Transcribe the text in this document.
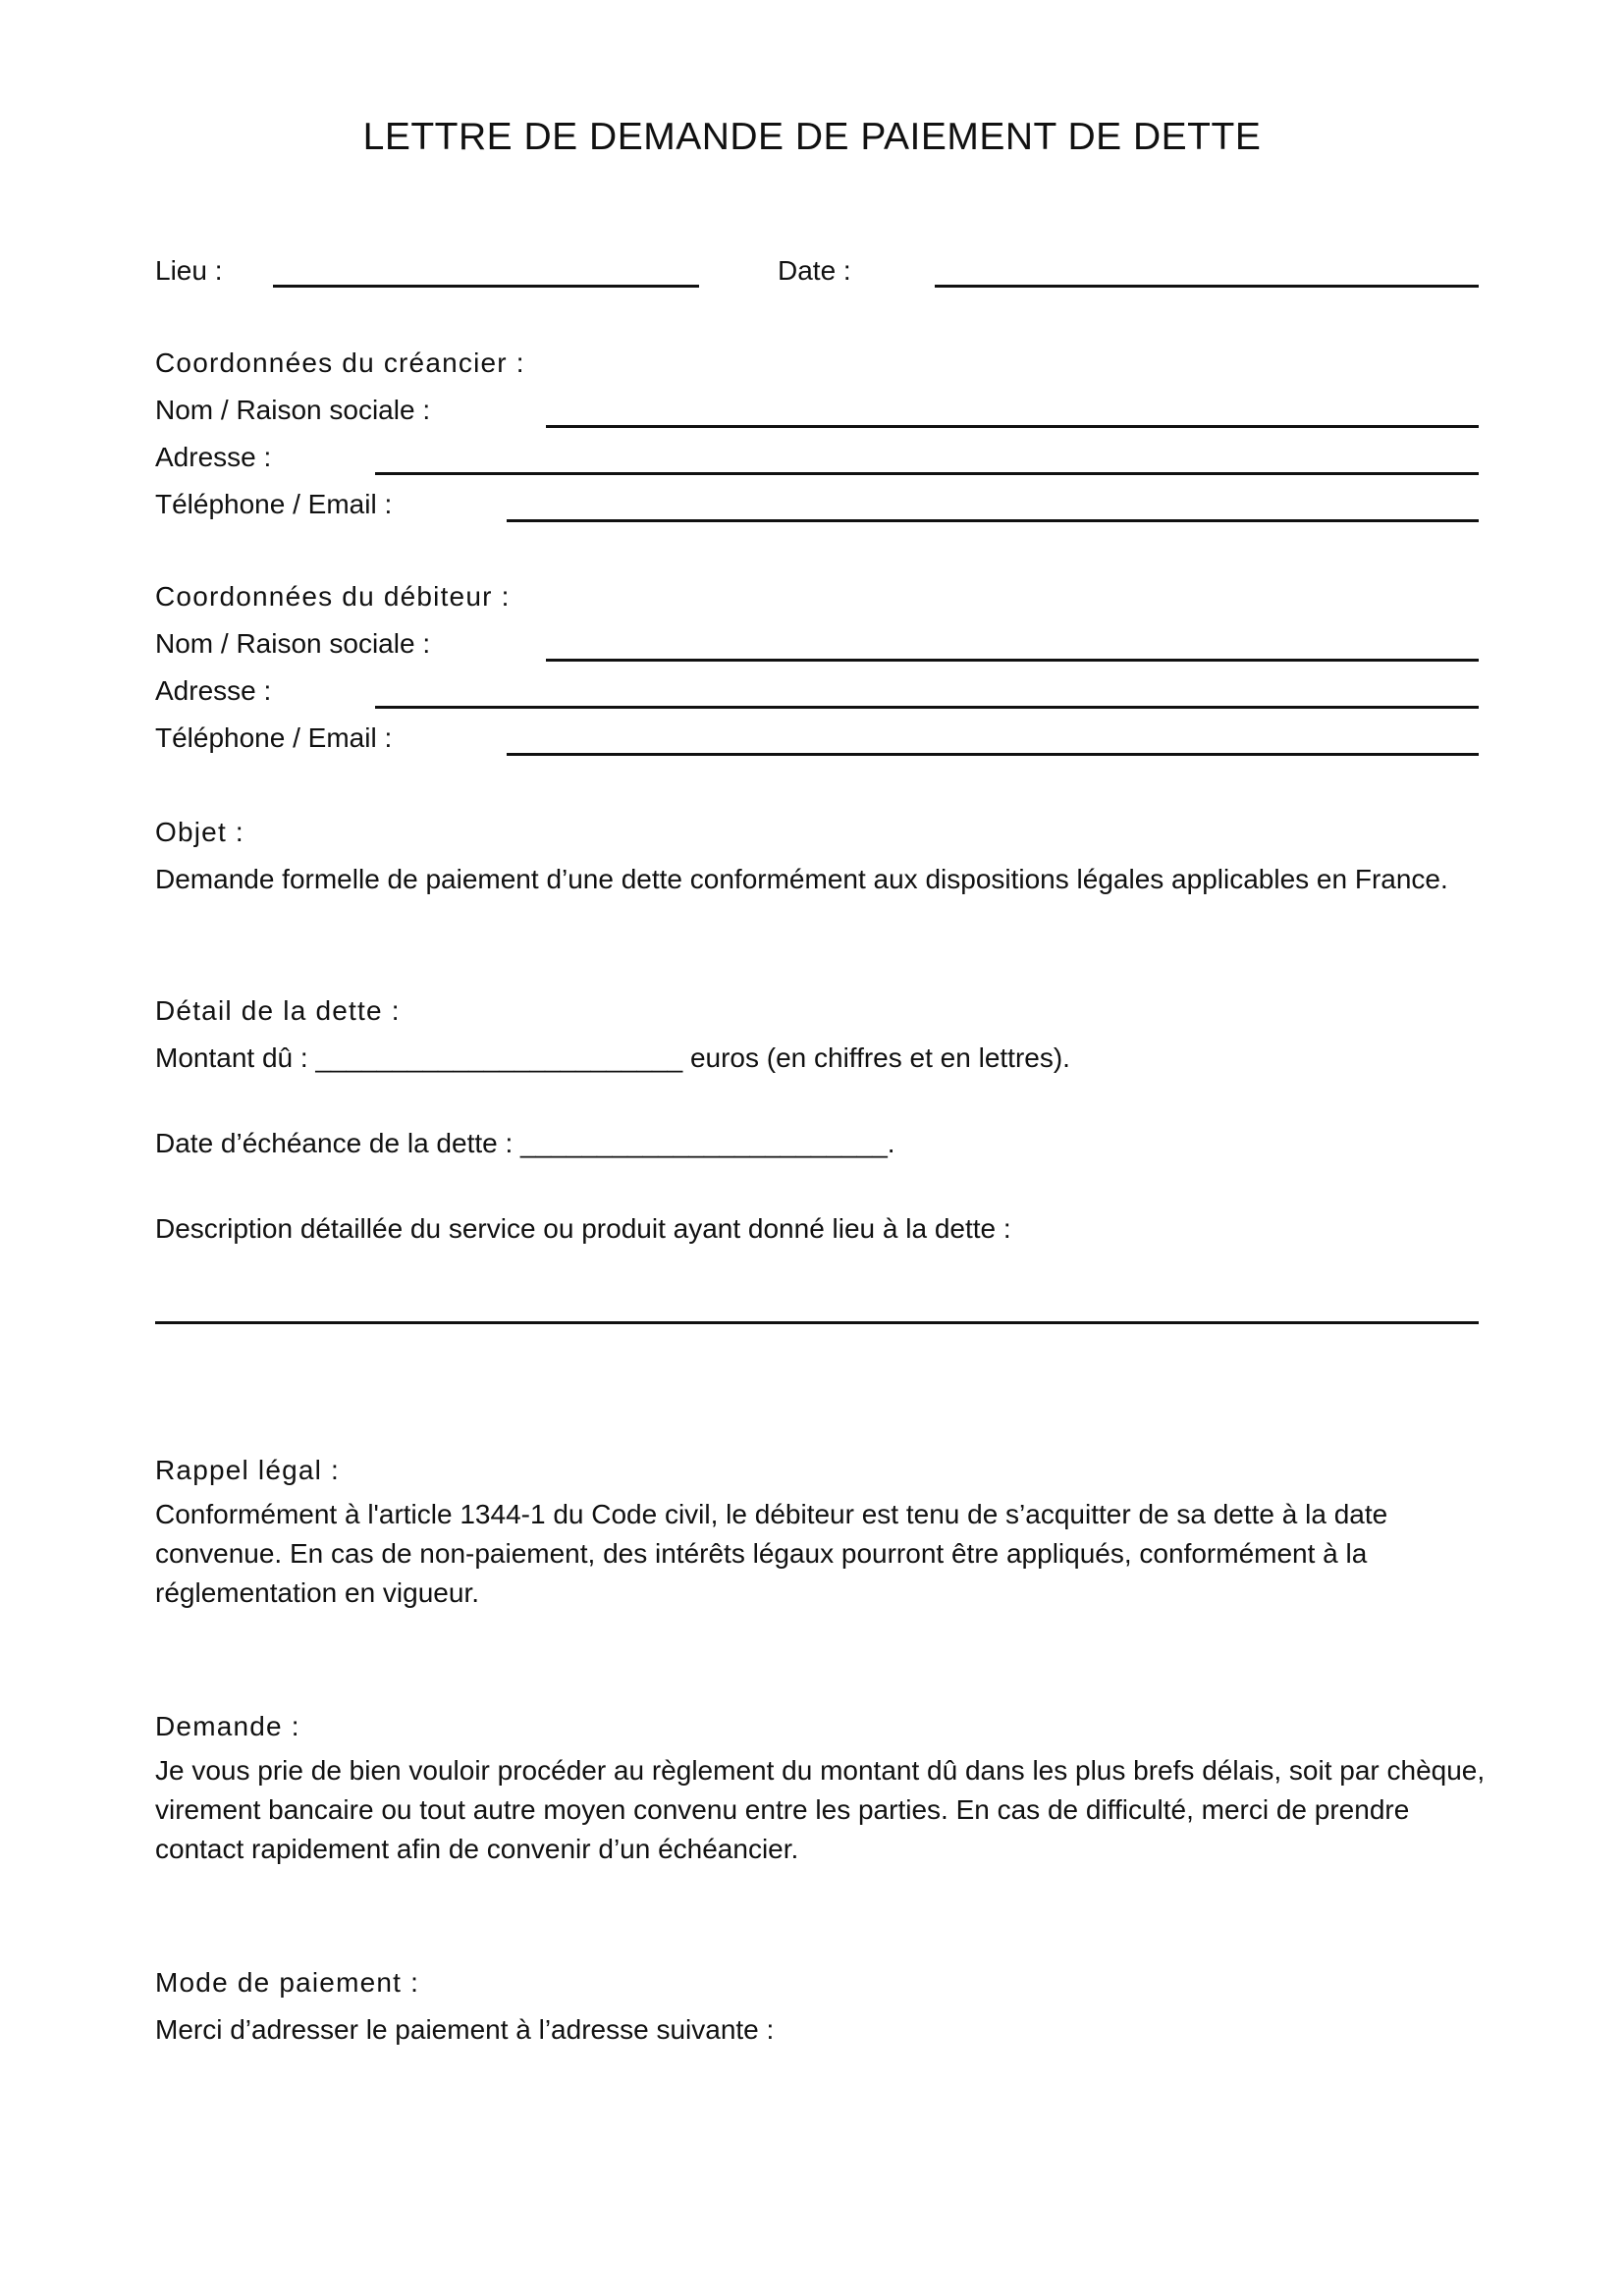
LETTRE DE DEMANDE DE PAIEMENT DE DETTE
Lieu :	Date :
Coordonnées du créancier :
Nom / Raison sociale :
Adresse :
Téléphone / Email :
Coordonnées du débiteur :
Nom / Raison sociale :
Adresse :
Téléphone / Email :
Objet :
Demande formelle de paiement d’une dette conformément aux dispositions légales applicables en France.
Détail de la dette :
Montant dû : ________________________ euros (en chiffres et en lettres).
Date d’échéance de la dette : ________________________.
Description détaillée du service ou produit ayant donné lieu à la dette :
Rappel légal :
Conformément à l'article 1344-1 du Code civil, le débiteur est tenu de s’acquitter de sa dette à la date convenue. En cas de non-paiement, des intérêts légaux pourront être appliqués, conformément à la réglementation en vigueur.
Demande :
Je vous prie de bien vouloir procéder au règlement du montant dû dans les plus brefs délais, soit par chèque, virement bancaire ou tout autre moyen convenu entre les parties. En cas de difficulté, merci de prendre contact rapidement afin de convenir d’un échéancier.
Mode de paiement :
Merci d’adresser le paiement à l’adresse suivante :
